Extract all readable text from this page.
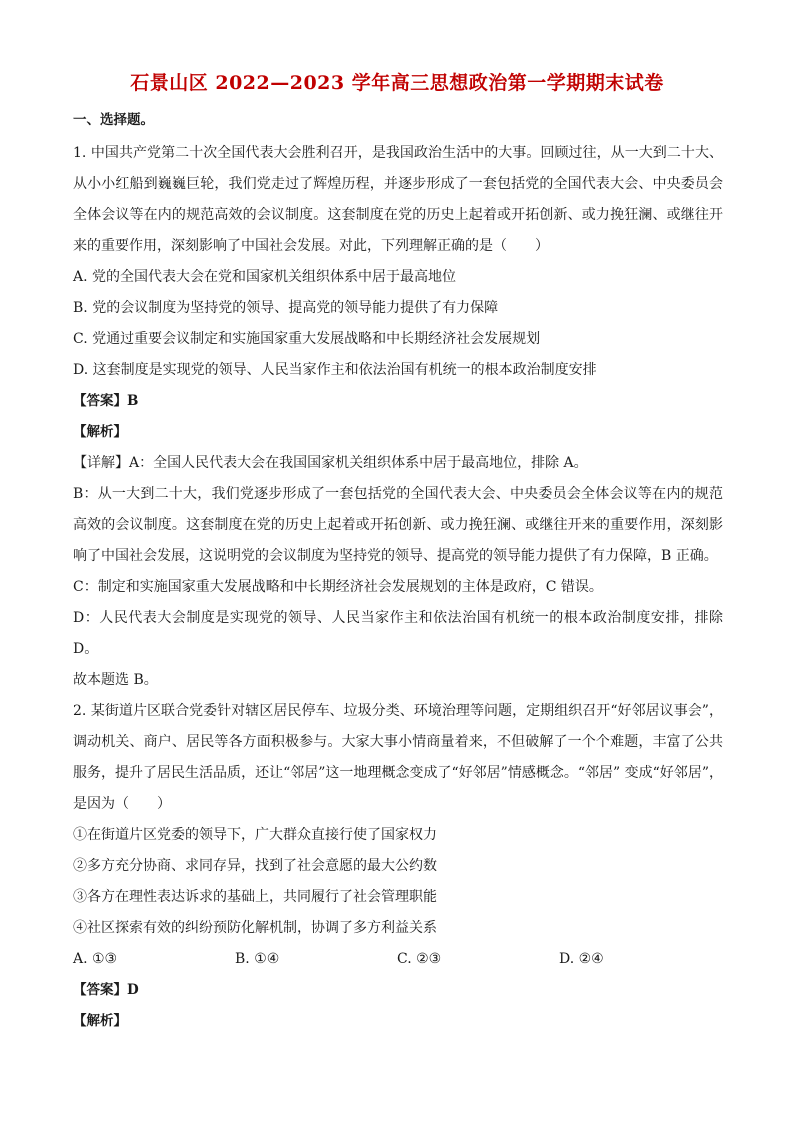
石景山区 2022—2023 学年高三思想政治第一学期期末试卷
一、选择题。
1. 中国共产党第二十次全国代表大会胜利召开，是我国政治生活中的大事。回顾过往，从一大到二十大、从小小红船到巍巍巨轮，我们党走过了辉煌历程，并逐步形成了一套包括党的全国代表大会、中央委员会全体会议等在内的规范高效的会议制度。这套制度在党的历史上起着或开拓创新、或力挽狂澜、或继往开来的重要作用，深刻影响了中国社会发展。对此，下列理解正确的是（　　）
A. 党的全国代表大会在党和国家机关组织体系中居于最高地位
B. 党的会议制度为坚持党的领导、提高党的领导能力提供了有力保障
C. 党通过重要会议制定和实施国家重大发展战略和中长期经济社会发展规划
D. 这套制度是实现党的领导、人民当家作主和依法治国有机统一的根本政治制度安排
【答案】B
【解析】
【详解】A：全国人民代表大会在我国国家机关组织体系中居于最高地位，排除 A。
B：从一大到二十大，我们党逐步形成了一套包括党的全国代表大会、中央委员会全体会议等在内的规范高效的会议制度。这套制度在党的历史上起着或开拓创新、或力挽狂澜、或继往开来的重要作用，深刻影响了中国社会发展，这说明党的会议制度为坚持党的领导、提高党的领导能力提供了有力保障，B 正确。
C：制定和实施国家重大发展战略和中长期经济社会发展规划的主体是政府，C 错误。
D：人民代表大会制度是实现党的领导、人民当家作主和依法治国有机统一的根本政治制度安排，排除 D。
故本题选 B。
2. 某街道片区联合党委针对辖区居民停车、垃圾分类、环境治理等问题，定期组织召开“好邻居议事会”，调动机关、商户、居民等各方面积极参与。大家大事小情商量着来，不但破解了一个个难题，丰富了公共服务，提升了居民生活品质，还让“邻居”这一地理概念变成了“好邻居”情感概念。“邻居” 变成“好邻居”，是因为（　　）
①在街道片区党委的领导下，广大群众直接行使了国家权力
②多方充分协商、求同存异，找到了社会意愿的最大公约数
③各方在理性表达诉求的基础上，共同履行了社会管理职能
④社区探索有效的纠纷预防化解机制，协调了多方利益关系
A. ①③	B. ①④	C. ②③	D. ②④
【答案】D
【解析】
